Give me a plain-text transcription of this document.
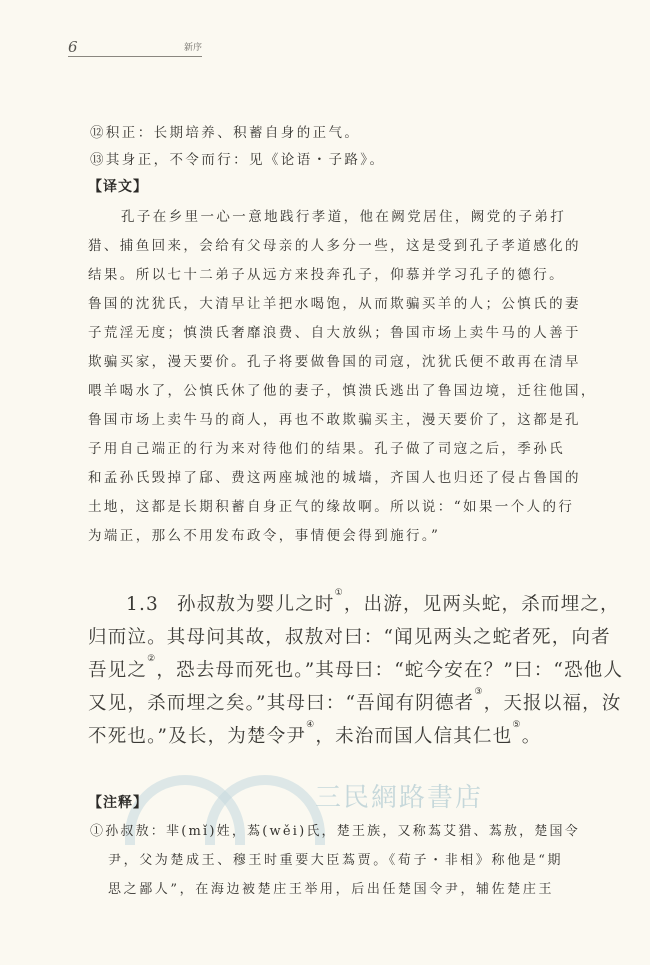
6	新序
⑫积正：长期培养、积蓄自身的正气。
⑬其身正，不令而行：见《论语・子路》。
【译文】
孔子在乡里一心一意地践行孝道，他在阙党居住，阙党的子弟打
猎、捕鱼回来，会给有父母亲的人多分一些，这是受到孔子孝道感化的
结果。所以七十二弟子从远方来投奔孔子，仰慕并学习孔子的德行。
鲁国的沈犹氏，大清早让羊把水喝饱，从而欺骗买羊的人；公慎氏的妻
子荒淫无度；慎溃氏奢靡浪费、自大放纵；鲁国市场上卖牛马的人善于
欺骗买家，漫天要价。孔子将要做鲁国的司寇，沈犹氏便不敢再在清早
喂羊喝水了，公慎氏休了他的妻子，慎溃氏逃出了鲁国边境，迁往他国，
鲁国市场上卖牛马的商人，再也不敢欺骗买主，漫天要价了，这都是孔
子用自己端正的行为来对待他们的结果。孔子做了司寇之后，季孙氏
和孟孙氏毁掉了郈、费这两座城池的城墙，齐国人也归还了侵占鲁国的
土地，这都是长期积蓄自身正气的缘故啊。所以说：“如果一个人的行
为端正，那么不用发布政令，事情便会得到施行。”
1.3 孙叔敖为婴儿之时①，出游，见两头蛇，杀而埋之，
归而泣。其母问其故，叔敖对曰：“闻见两头之蛇者死，向者
吾见之②，恐去母而死也。”其母曰：“蛇今安在？”曰：“恐他人
又见，杀而埋之矣。”其母曰：“吾闻有阴德者③，天报以福，汝
不死也。”及长，为楚令尹④，未治而国人信其仁也⑤。
三民網路書店
【注释】
①孙叔敖：芈(mǐ)姓，蒍(wěi)氏，楚王族，又称蒍艾猎、蒍敖，楚国令
尹，父为楚成王、穆王时重要大臣蒍贾。《荀子・非相》称他是“期
思之鄙人”，在海边被楚庄王举用，后出任楚国令尹，辅佐楚庄王
